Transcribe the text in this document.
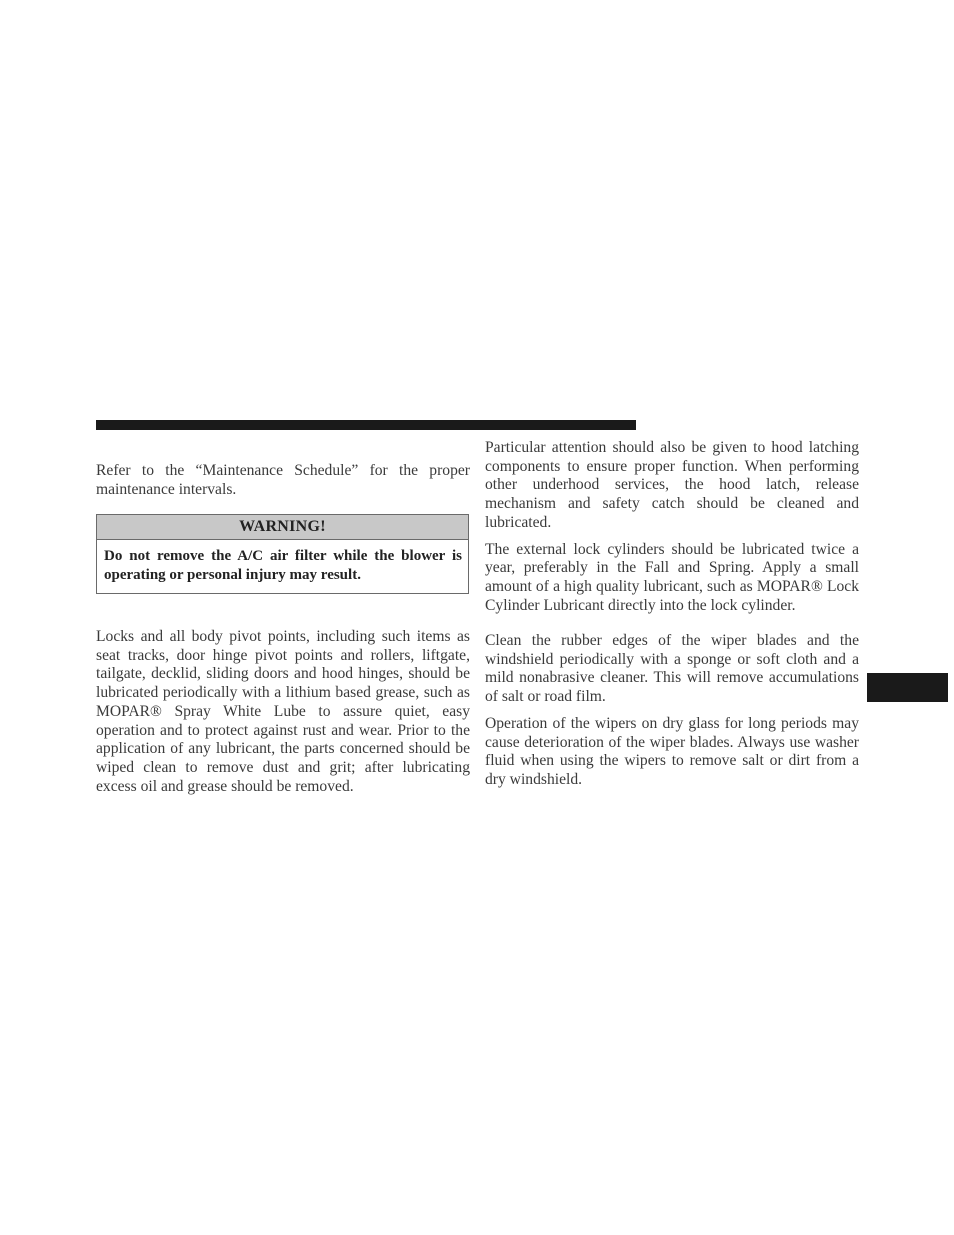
Refer to the “Maintenance Schedule” for the proper maintenance intervals.

WARNING!
Do not remove the A/C air filter while the blower is operating or personal injury may result.

Locks and all body pivot points, including such items as seat tracks, door hinge pivot points and rollers, liftgate, tailgate, decklid, sliding doors and hood hinges, should be lubricated periodically with a lithium based grease, such as MOPAR® Spray White Lube to assure quiet, easy operation and to protect against rust and wear. Prior to the application of any lubricant, the parts concerned should be wiped clean to remove dust and grit; after lubricating excess oil and grease should be removed.

Particular attention should also be given to hood latching components to ensure proper function. When performing other underhood services, the hood latch, release mechanism and safety catch should be cleaned and lubricated.

The external lock cylinders should be lubricated twice a year, preferably in the Fall and Spring. Apply a small amount of a high quality lubricant, such as MOPAR® Lock Cylinder Lubricant directly into the lock cylinder.

Clean the rubber edges of the wiper blades and the windshield periodically with a sponge or soft cloth and a mild nonabrasive cleaner. This will remove accumulations of salt or road film.

Operation of the wipers on dry glass for long periods may cause deterioration of the wiper blades. Always use washer fluid when using the wipers to remove salt or dirt from a dry windshield.
